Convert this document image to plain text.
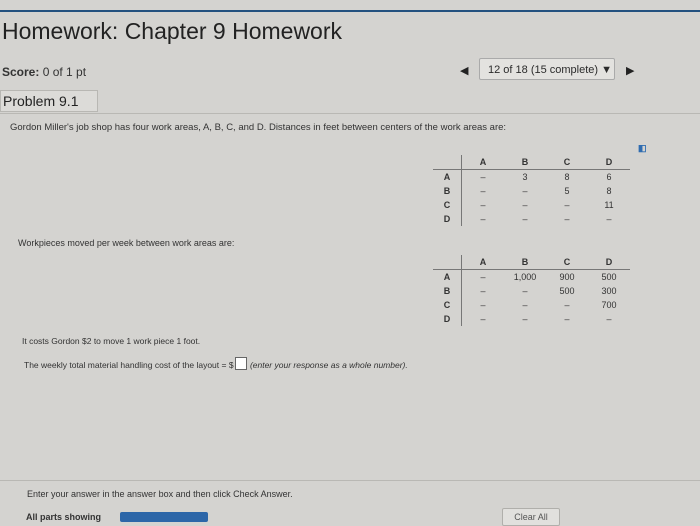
Homework: Chapter 9 Homework
Score: 0 of 1 pt	◀	12 of 18 (15 complete) ▼ ▶
Problem 9.1
Gordon Miller's job shop has four work areas, A, B, C, and D. Distances in feet between centers of the work areas are:
◧
	A	B	C	D
A	–	3	8	6
B	–	–	5	8
C	–	–	–	11
D	–	–	–	–
Workpieces moved per week between work areas are:
	A	B	C	D
A	–	1,000	900	500
B	–	–	500	300
C	–	–	–	700
D	–	–	–	–
It costs Gordon $2 to move 1 work piece 1 foot.
The weekly total material handling cost of the layout = $ (enter your response as a whole number).
Enter your answer in the answer box and then click Check Answer.
All parts showing	Clear All
